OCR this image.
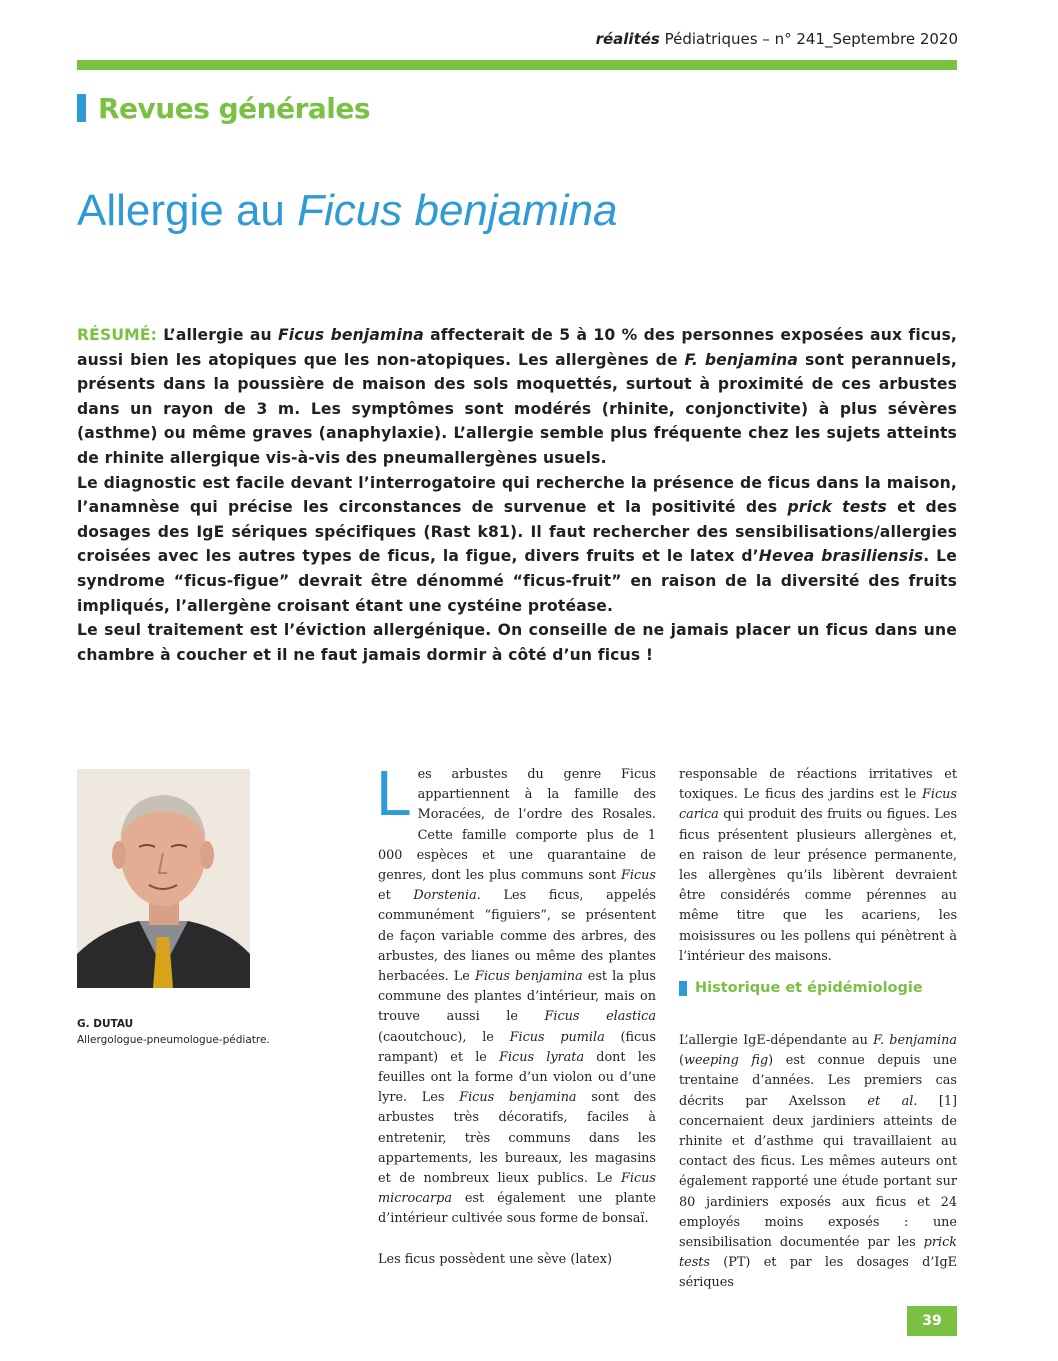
réalités Pédiatriques – n° 241_Septembre 2020
Revues générales
Allergie au Ficus benjamina

RÉSUMÉ: L’allergie au Ficus benjamina affecterait de 5 à 10 % des personnes exposées aux ficus, aussi bien les atopiques que les non-atopiques. Les allergènes de F. benjamina sont perannuels, présents dans la poussière de maison des sols moquettés, surtout à proximité de ces arbustes dans un rayon de 3 m. Les symptômes sont modérés (rhinite, conjonctivite) à plus sévères (asthme) ou même graves (anaphylaxie). L’allergie semble plus fréquente chez les sujets atteints de rhinite allergique vis-à-vis des pneumallergènes usuels.

Le diagnostic est facile devant l’interrogatoire qui recherche la présence de ficus dans la maison, l’anamnèse qui précise les circonstances de survenue et la positivité des prick tests et des dosages des IgE sériques spécifiques (Rast k81). Il faut rechercher des sensibilisations/allergies croisées avec les autres types de ficus, la figue, divers fruits et le latex d’Hevea brasiliensis. Le syndrome “ficus-figue” devrait être dénommé “ficus-fruit” en raison de la diversité des fruits impliqués, l’allergène croisant étant une cystéine protéase.

Le seul traitement est l’éviction allergénique. On conseille de ne jamais placer un ficus dans une chambre à coucher et il ne faut jamais dormir à côté d’un ficus !

G. DUTAU
Allergologue-pneumologue-pédiatre.

Les arbustes du genre Ficus appartiennent à la famille des Moracées, de l’ordre des Rosales. Cette famille comporte plus de 1 000 espèces et une quarantaine de genres, dont les plus communs sont Ficus et Dorstenia. Les ficus, appelés communément “figuiers”, se présentent de façon variable comme des arbres, des arbustes, des lianes ou même des plantes herbacées. Le Ficus benjamina est la plus commune des plantes d’intérieur, mais on trouve aussi le Ficus elastica (caoutchouc), le Ficus pumila (ficus rampant) et le Ficus lyrata dont les feuilles ont la forme d’un violon ou d’une lyre. Les Ficus benjamina sont des arbustes très décoratifs, faciles à entretenir, très communs dans les appartements, les bureaux, les magasins et de nombreux lieux publics. Le Ficus microcarpa est également une plante d’intérieur cultivée sous forme de bonsaï.

Les ficus possèdent une sève (latex)

responsable de réactions irritatives et toxiques. Le ficus des jardins est le Ficus carica qui produit des fruits ou figues. Les ficus présentent plusieurs allergènes et, en raison de leur présence permanente, les allergènes qu’ils libèrent devraient être considérés comme pérennes au même titre que les acariens, les moisissures ou les pollens qui pénètrent à l’intérieur des maisons.

Historique et épidémiologie

L’allergie IgE-dépendante au F. benjamina (weeping fig) est connue depuis une trentaine d’années. Les premiers cas décrits par Axelsson et al. [1] concernaient deux jardiniers atteints de rhinite et d’asthme qui travaillaient au contact des ficus. Les mêmes auteurs ont également rapporté une étude portant sur 80 jardiniers exposés aux ficus et 24 employés moins exposés : une sensibilisation documentée par les prick tests (PT) et par les dosages d’IgE sériques

39
